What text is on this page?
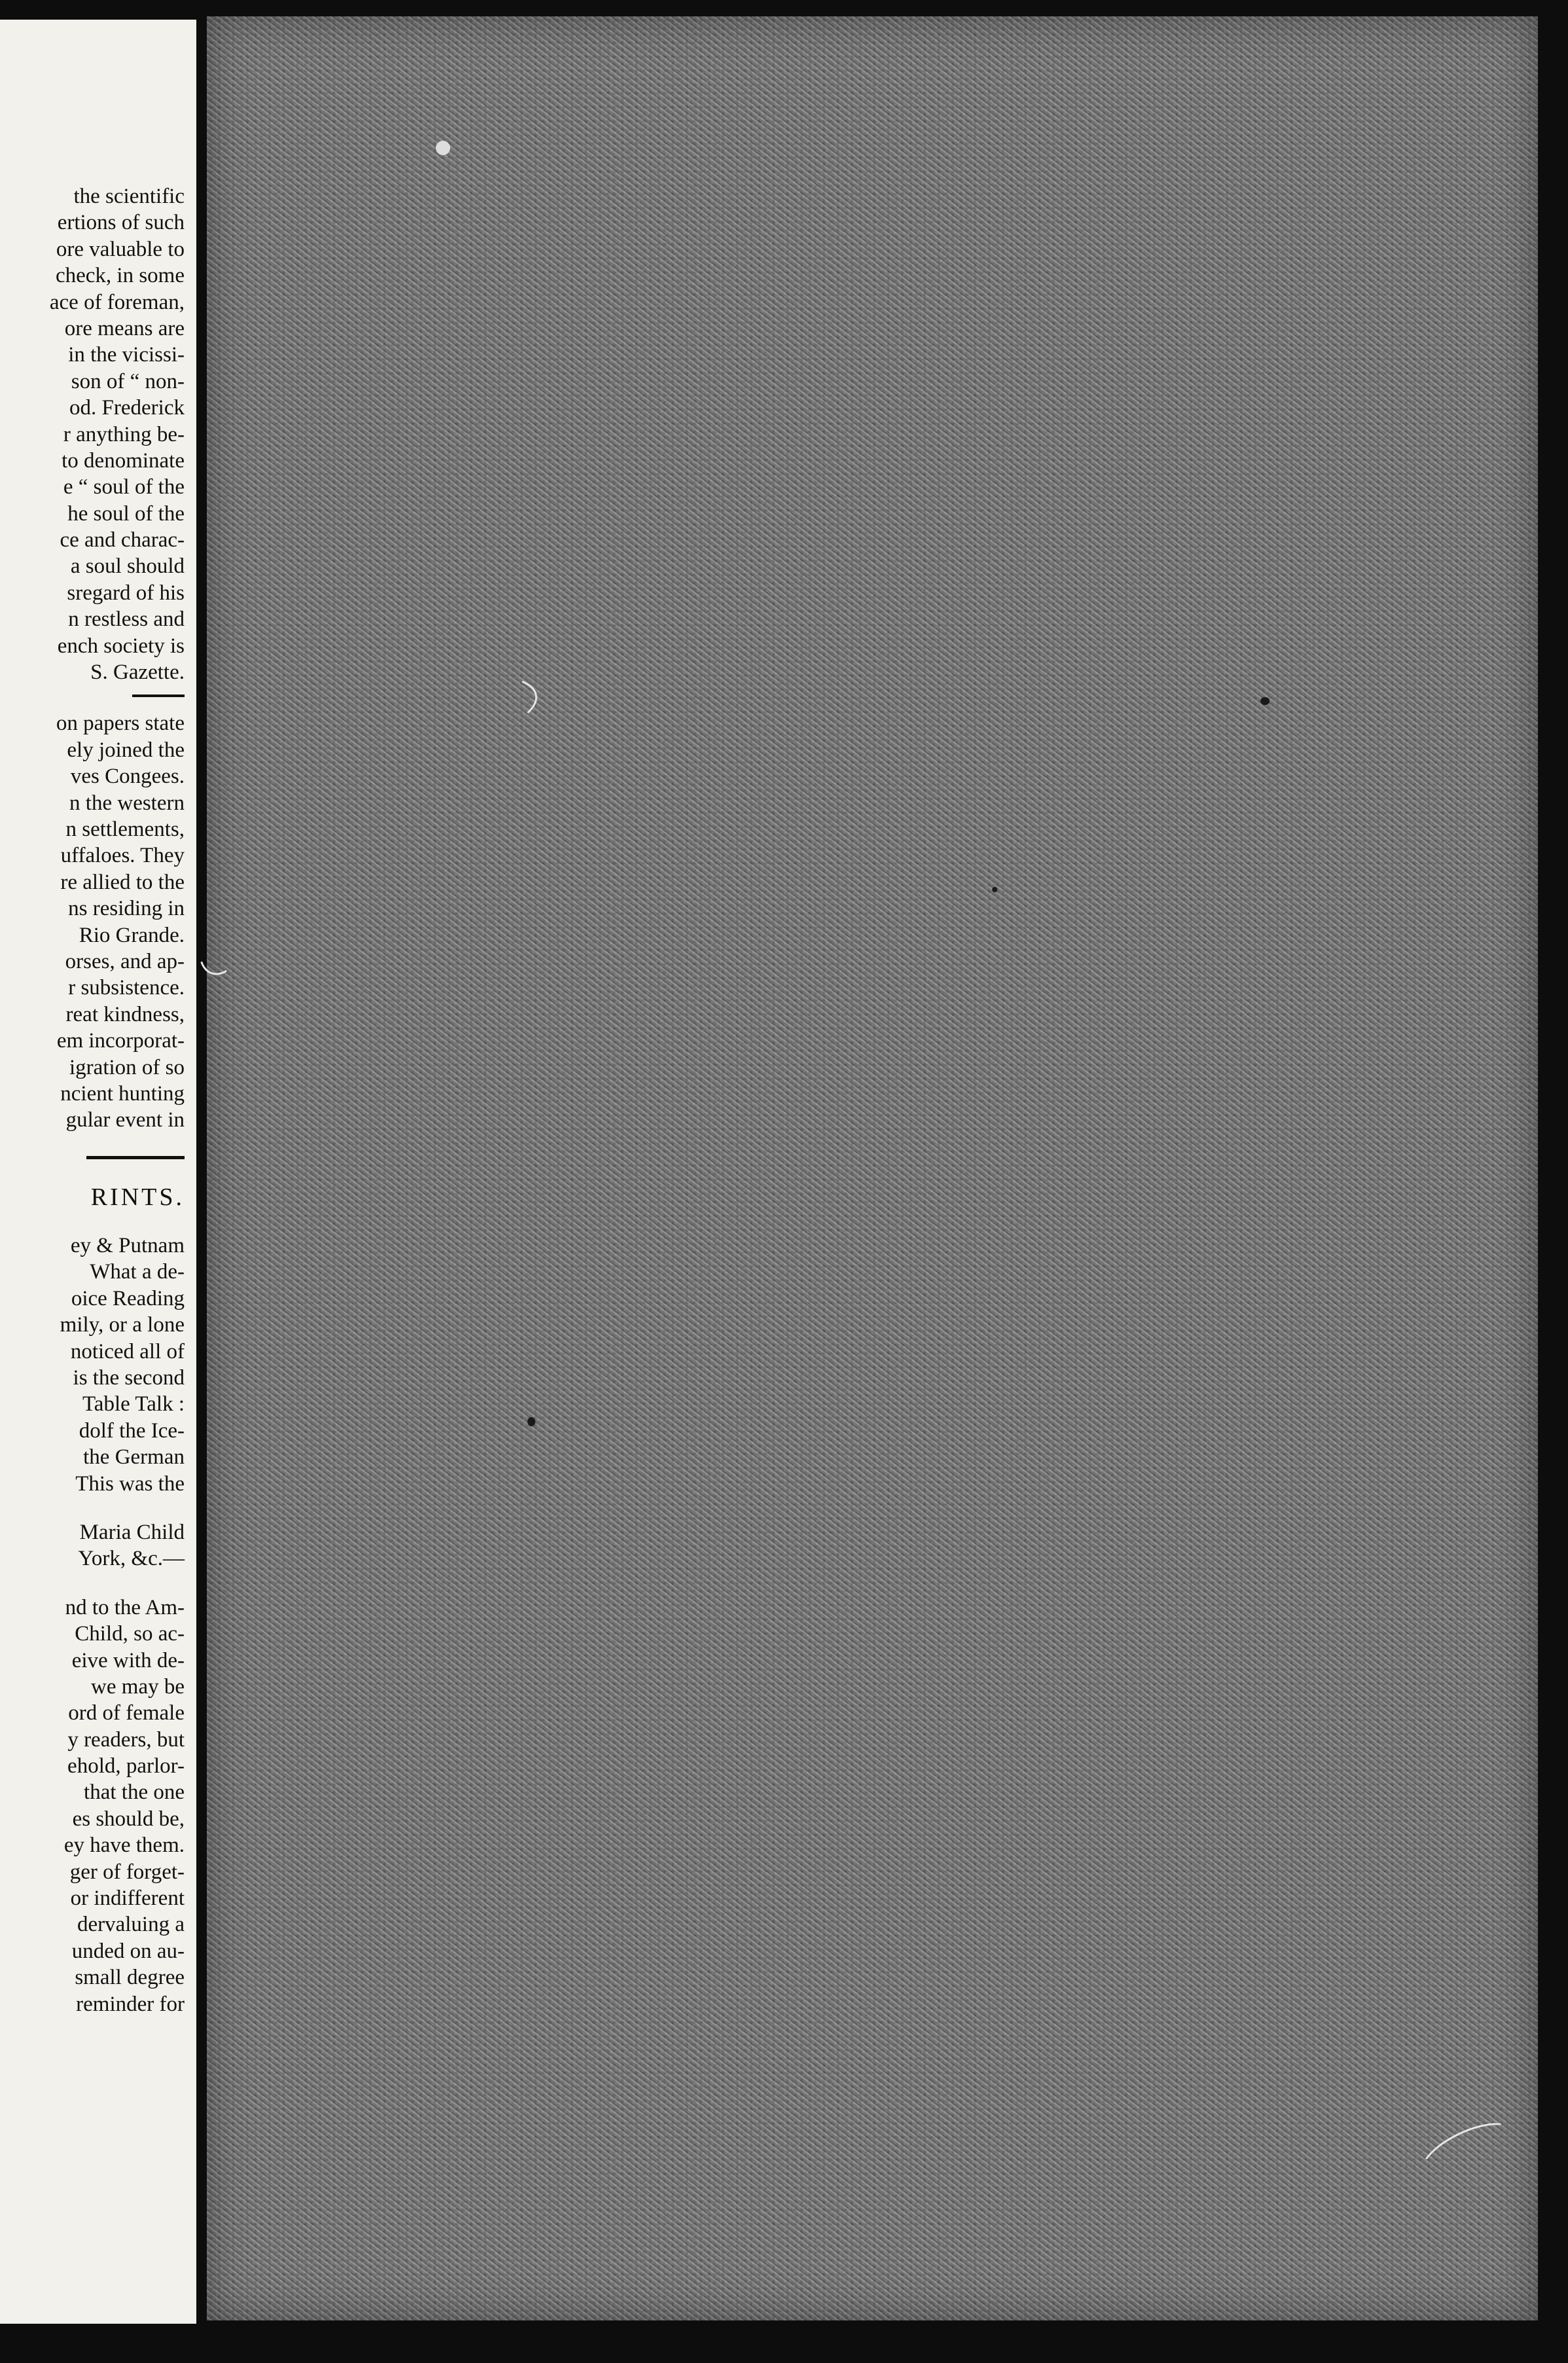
the scientific
ertions of such
ore valuable to
check, in some
ace of foreman,
ore means are
in the vicissi-
son of “ non-
od. Frederick
r anything be-
to denominate
e “ soul of the
he soul of the
ce and charac-
a soul should
sregard of his
n restless and
ench society is
S. Gazette.
on papers state
ely joined the
ves Congees.
n the western
n settlements,
uffaloes. They
re allied to the
ns residing in
Rio Grande.
orses, and ap-
r subsistence.
reat kindness,
em incorporat-
igration of so
ncient hunting
gular event in
RINTS.
ey & Putnam
What a de-
oice Reading
mily, or a lone
noticed all of
is the second
Table Talk :
dolf the Ice-
the German
This was the
Maria Child
York, &c.—
nd to the Am-
Child, so ac-
eive with de-
we may be
ord of female
y readers, but
ehold, parlor-
that the one
es should be,
ey have them.
ger of forget-
or indifferent
dervaluing a
unded on au-
small degree
reminder for
